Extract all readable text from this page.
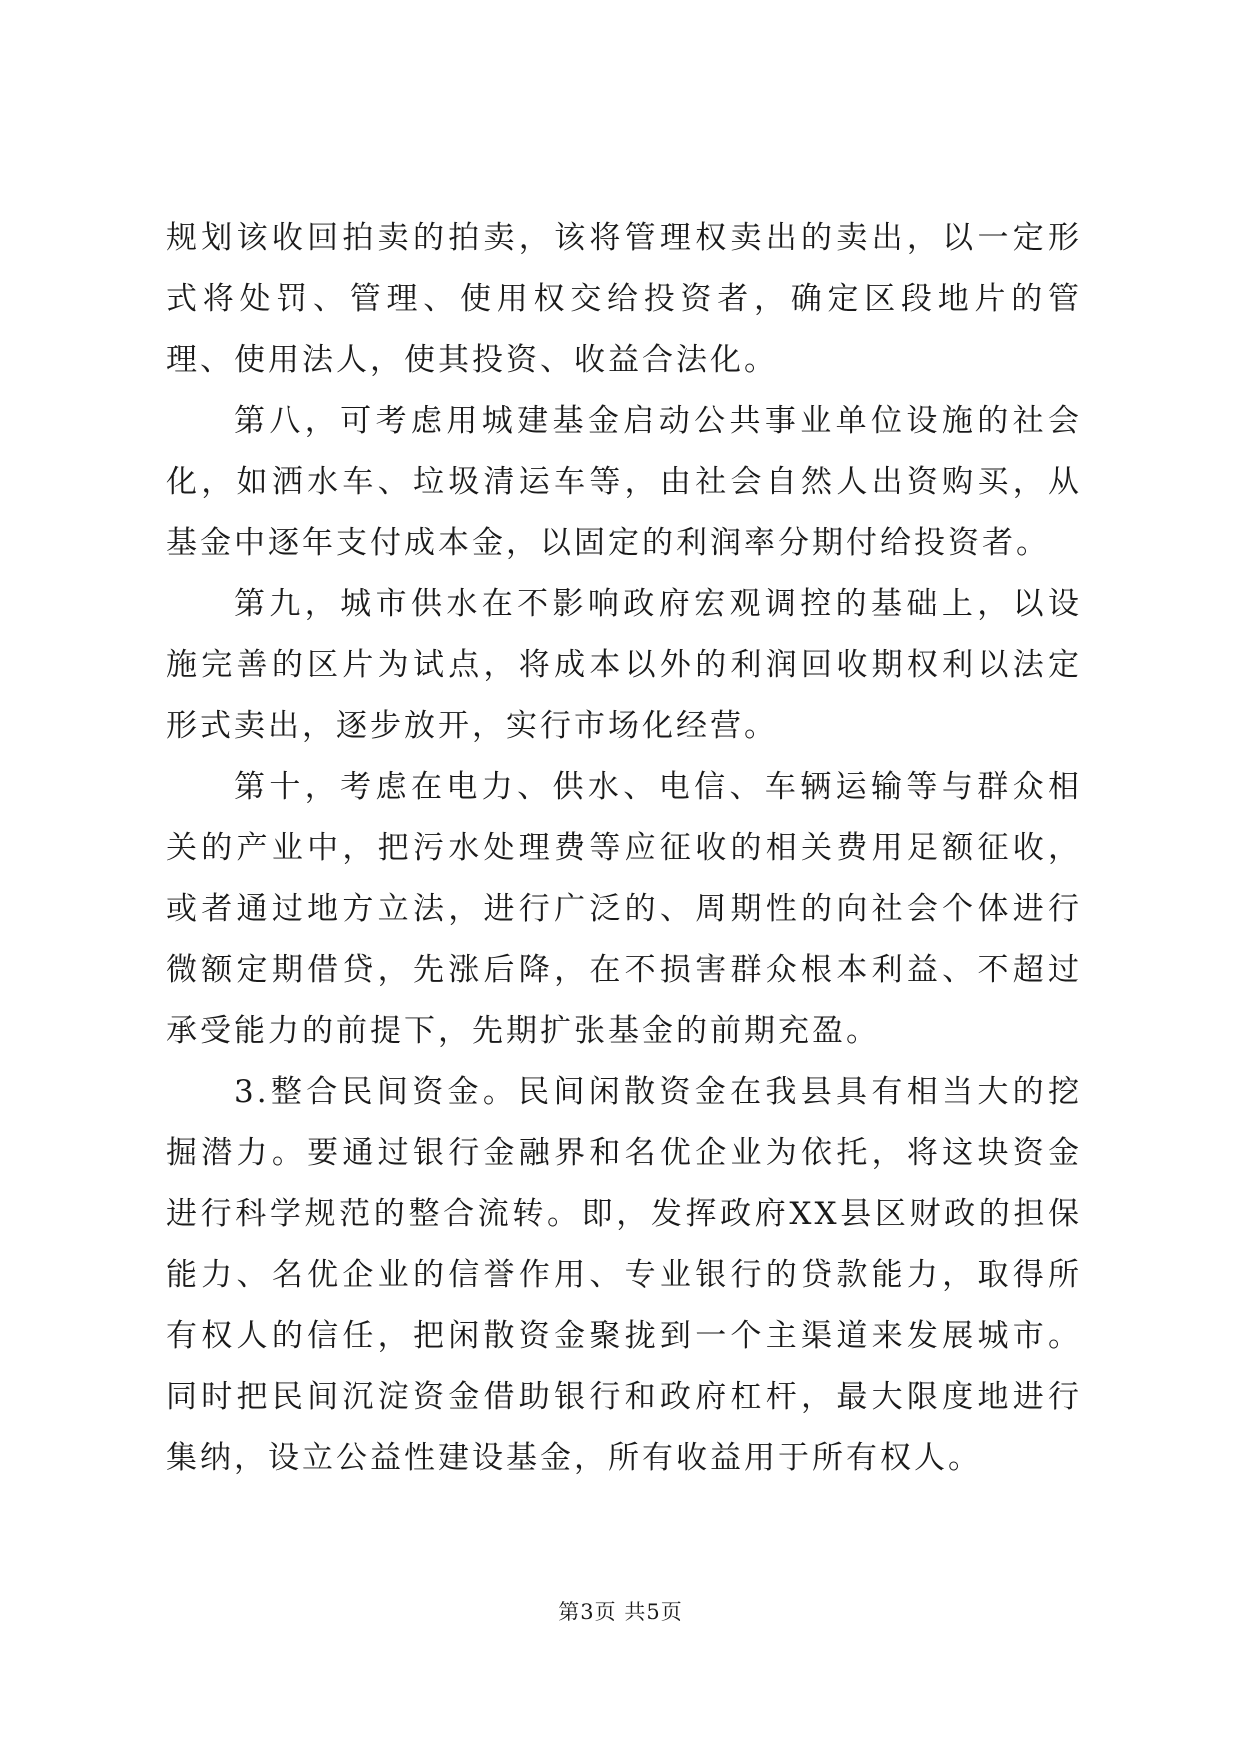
规划该收回拍卖的拍卖，该将管理权卖出的卖出，以一定形式将处罚、管理、使用权交给投资者，确定区段地片的管理、使用法人，使其投资、收益合法化。

第八，可考虑用城建基金启动公共事业单位设施的社会化，如洒水车、垃圾清运车等，由社会自然人出资购买，从基金中逐年支付成本金，以固定的利润率分期付给投资者。

第九，城市供水在不影响政府宏观调控的基础上，以设施完善的区片为试点，将成本以外的利润回收期权利以法定形式卖出，逐步放开，实行市场化经营。

第十，考虑在电力、供水、电信、车辆运输等与群众相关的产业中，把污水处理费等应征收的相关费用足额征收，或者通过地方立法，进行广泛的、周期性的向社会个体进行微额定期借贷，先涨后降，在不损害群众根本利益、不超过承受能力的前提下，先期扩张基金的前期充盈。

3.整合民间资金。民间闲散资金在我县具有相当大的挖掘潜力。要通过银行金融界和名优企业为依托，将这块资金进行科学规范的整合流转。即，发挥政府XX县区财政的担保能力、名优企业的信誉作用、专业银行的贷款能力，取得所有权人的信任，把闲散资金聚拢到一个主渠道来发展城市。同时把民间沉淀资金借助银行和政府杠杆，最大限度地进行集纳，设立公益性建设基金，所有收益用于所有权人。

第3页 共5页
